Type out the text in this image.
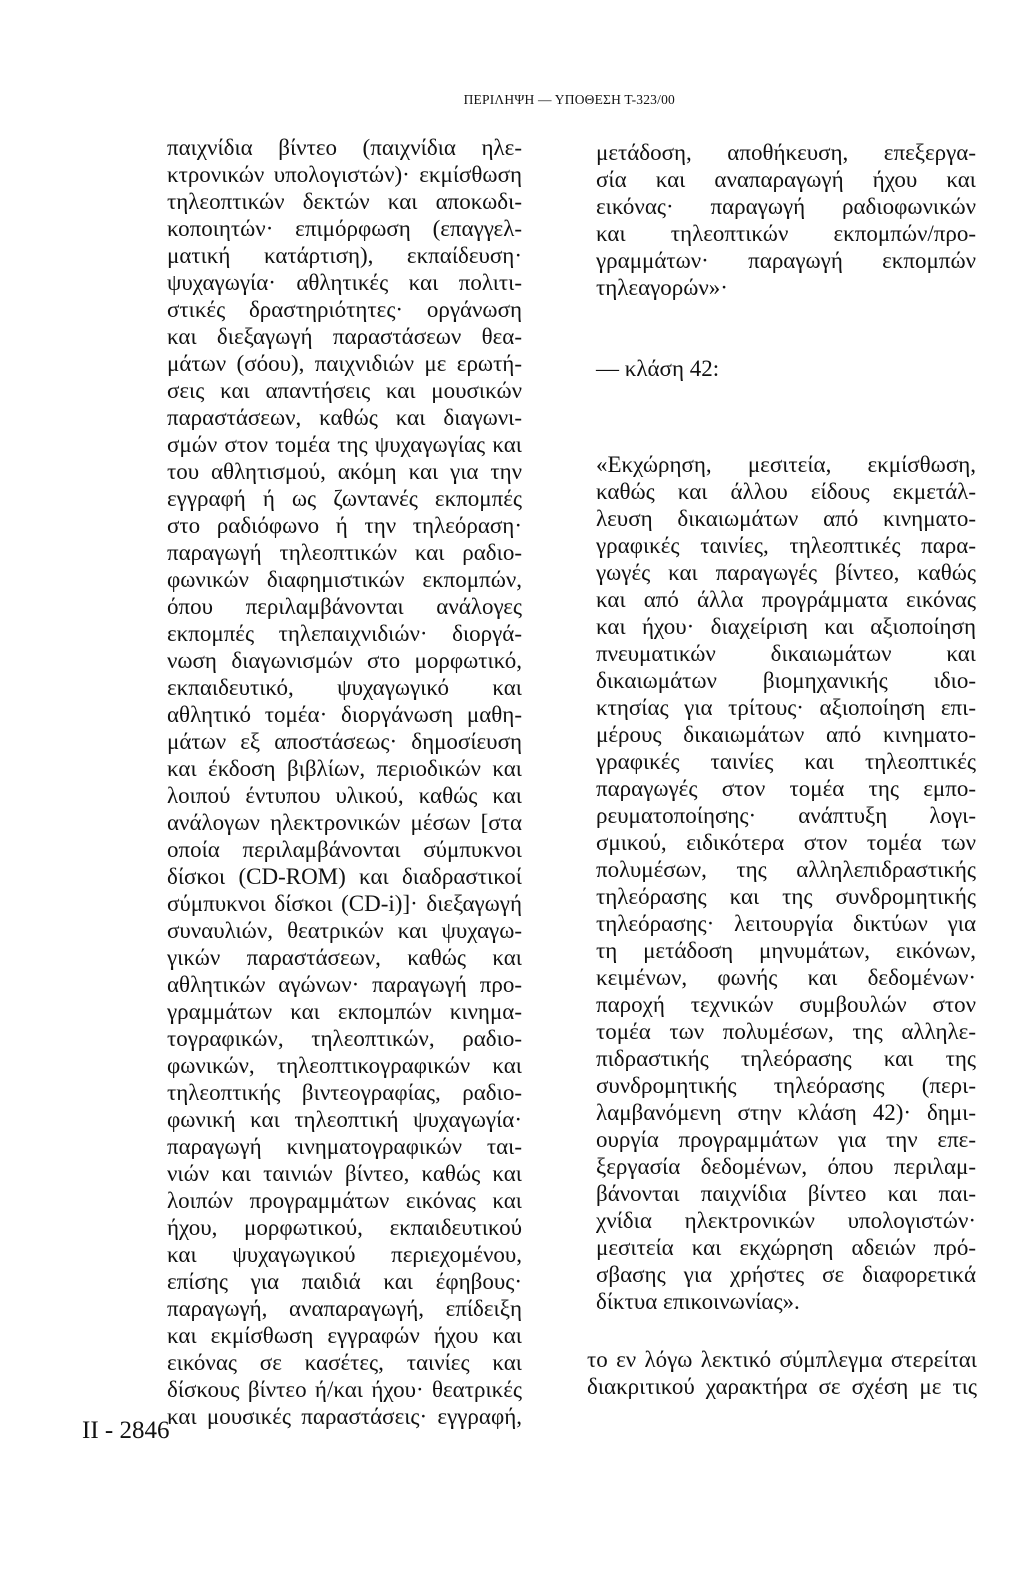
ΠΕΡΙΛΗΨΗ — ΥΠΟΘΕΣΗ Τ-323/00
παιχνίδια βίντεο (παιχνίδια ηλε-
κτρονικών υπολογιστών)· εκμίσθωση
τηλεοπτικών δεκτών και αποκωδι-
κοποιητών· επιμόρφωση (επαγγελ-
ματική κατάρτιση), εκπαίδευση·
ψυχαγωγία· αθλητικές και πολιτι-
στικές δραστηριότητες· οργάνωση
και διεξαγωγή παραστάσεων θεα-
μάτων (σόου), παιχνιδιών με ερωτή-
σεις και απαντήσεις και μουσικών
παραστάσεων, καθώς και διαγωνι-
σμών στον τομέα της ψυχαγωγίας και
του αθλητισμού, ακόμη και για την
εγγραφή ή ως ζωντανές εκπομπές
στο ραδιόφωνο ή την τηλεόραση·
παραγωγή τηλεοπτικών και ραδιο-
φωνικών διαφημιστικών εκπομπών,
όπου περιλαμβάνονται ανάλογες
εκπομπές τηλεπαιχνιδιών· διοργά-
νωση διαγωνισμών στο μορφωτικό,
εκπαιδευτικό, ψυχαγωγικό και
αθλητικό τομέα· διοργάνωση μαθη-
μάτων εξ αποστάσεως· δημοσίευση
και έκδοση βιβλίων, περιοδικών και
λοιπού έντυπου υλικού, καθώς και
ανάλογων ηλεκτρονικών μέσων [στα
οποία περιλαμβάνονται σύμπυκνοι
δίσκοι (CD-ROM) και διαδραστικοί
σύμπυκνοι δίσκοι (CD-i)]· διεξαγωγή
συναυλιών, θεατρικών και ψυχαγω-
γικών παραστάσεων, καθώς και
αθλητικών αγώνων· παραγωγή προ-
γραμμάτων και εκπομπών κινημα-
τογραφικών, τηλεοπτικών, ραδιο-
φωνικών, τηλεοπτικογραφικών και
τηλεοπτικής βιντεογραφίας, ραδιο-
φωνική και τηλεοπτική ψυχαγωγία·
παραγωγή κινηματογραφικών ται-
νιών και ταινιών βίντεο, καθώς και
λοιπών προγραμμάτων εικόνας και
ήχου, μορφωτικού, εκπαιδευτικού
και ψυχαγωγικού περιεχομένου,
επίσης για παιδιά και έφηβους·
παραγωγή, αναπαραγωγή, επίδειξη
και εκμίσθωση εγγραφών ήχου και
εικόνας σε κασέτες, ταινίες και
δίσκους βίντεο ή/και ήχου· θεατρικές
και μουσικές παραστάσεις· εγγραφή,
μετάδοση, αποθήκευση, επεξεργα-
σία και αναπαραγωγή ήχου και
εικόνας· παραγωγή ραδιοφωνικών
και τηλεοπτικών εκπομπών/προ-
γραμμάτων· παραγωγή εκπομπών
τηλεαγορών»·
— κλάση 42:
«Εκχώρηση, μεσιτεία, εκμίσθωση,
καθώς και άλλου είδους εκμετάλ-
λευση δικαιωμάτων από κινηματο-
γραφικές ταινίες, τηλεοπτικές παρα-
γωγές και παραγωγές βίντεο, καθώς
και από άλλα προγράμματα εικόνας
και ήχου· διαχείριση και αξιοποίηση
πνευματικών δικαιωμάτων και
δικαιωμάτων βιομηχανικής ιδιο-
κτησίας για τρίτους· αξιοποίηση επι-
μέρους δικαιωμάτων από κινηματο-
γραφικές ταινίες και τηλεοπτικές
παραγωγές στον τομέα της εμπο-
ρευματοποίησης· ανάπτυξη λογι-
σμικού, ειδικότερα στον τομέα των
πολυμέσων, της αλληλεπιδραστικής
τηλεόρασης και της συνδρομητικής
τηλεόρασης· λειτουργία δικτύων για
τη μετάδοση μηνυμάτων, εικόνων,
κειμένων, φωνής και δεδομένων·
παροχή τεχνικών συμβουλών στον
τομέα των πολυμέσων, της αλληλε-
πιδραστικής τηλεόρασης και της
συνδρομητικής τηλεόρασης (περι-
λαμβανόμενη στην κλάση 42)· δημι-
ουργία προγραμμάτων για την επε-
ξεργασία δεδομένων, όπου περιλαμ-
βάνονται παιχνίδια βίντεο και παι-
χνίδια ηλεκτρονικών υπολογιστών·
μεσιτεία και εκχώρηση αδειών πρό-
σβασης για χρήστες σε διαφορετικά
δίκτυα επικοινωνίας».
το εν λόγω λεκτικό σύμπλεγμα στερείται
διακριτικού χαρακτήρα σε σχέση με τις
II - 2846
